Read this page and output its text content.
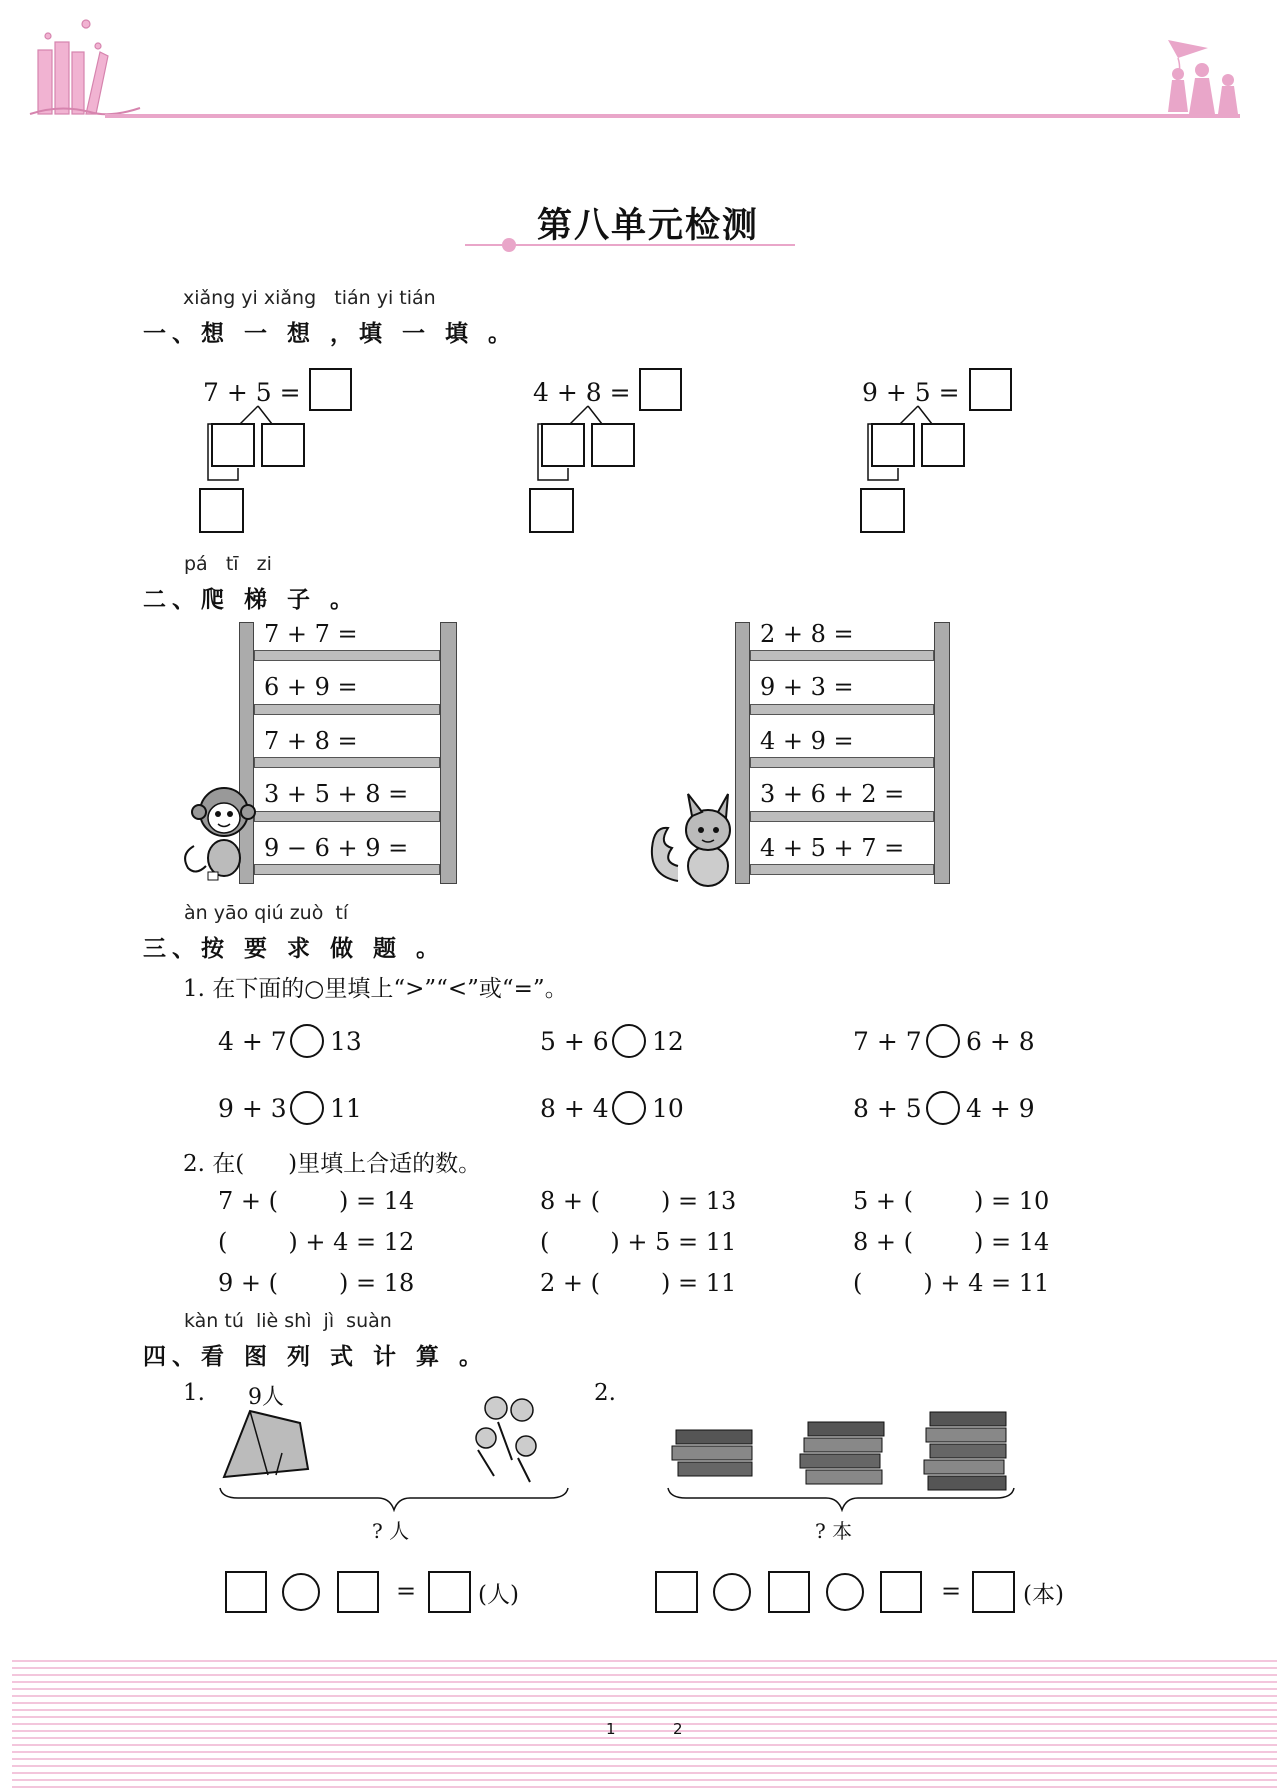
第八单元检测
xiǎng yi xiǎng   tián yi tián
一、想 一 想 ，填 一 填 。
7 + 5 =	4 + 8 =	9 + 5 =
pá   tī   zi
二、爬 梯 子 。
7 + 7 =
6 + 9 =
7 + 8 =
3 + 5 + 8 =
9 − 6 + 9 =
2 + 8 =
9 + 3 =
4 + 9 =
3 + 6 + 2 =
4 + 5 + 7 =
àn yāo qiú zuò  tí
三、按 要 求 做 题 。
1. 在下面的○里填上“>”“<”或“=”。
4 + 7 13	5 + 6 12	7 + 7 6 + 8
9 + 3 11	8 + 4 10	8 + 5 4 + 9
2. 在(      )里填上合适的数。
7 + (        ) = 14	8 + (        ) = 13	5 + (        ) = 10
(        ) + 4 = 12	(        ) + 5 = 11	8 + (        ) = 14
9 + (        ) = 18	2 + (        ) = 11	(        ) + 4 = 11
kàn tú  liè shì  jì  suàn
四、看 图 列 式 计 算 。
1. 9人
? 人
=	(人)
2.
? 本
=	(本)
1	2
